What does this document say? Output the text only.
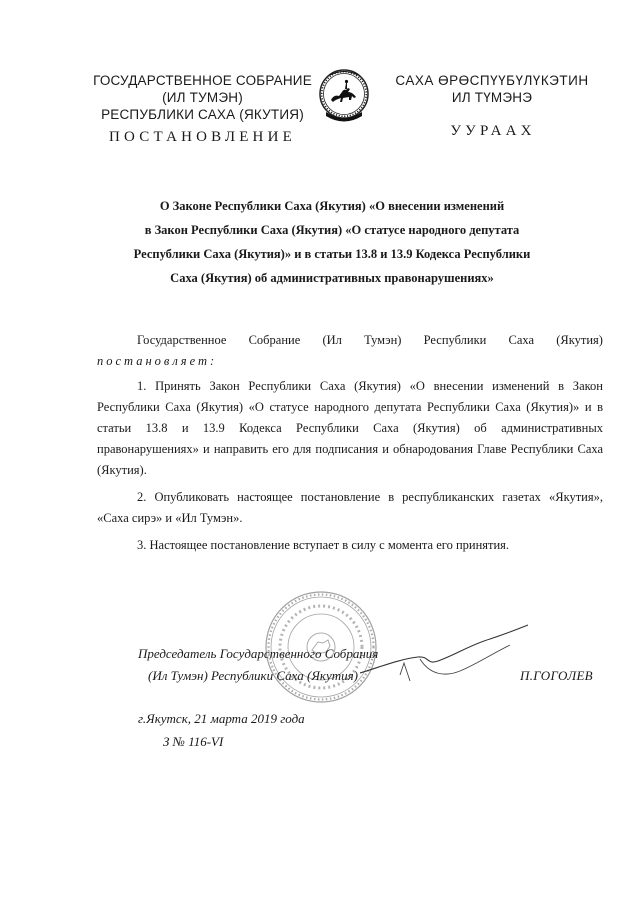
ГОСУДАРСТВЕННОЕ СОБРАНИЕ
(ИЛ ТУМЭН)
РЕСПУБЛИКИ САХА (ЯКУТИЯ)
САХА ӨРӨСПҮҮБҮЛҮКЭТИН
ИЛ ТҮМЭНЭ
ПОСТАНОВЛЕНИЕ	УУРААХ
О Законе Республики Саха (Якутия) «О внесении изменений
в Закон Республики Саха (Якутия) «О статусе народного депутата
Республики Саха (Якутия)» и в статьи 13.8 и 13.9 Кодекса Республики
Саха (Якутия) об административных правонарушениях»
Государственное Собрание (Ил Тумэн) Республики Саха (Якутия)
постановляет:

1. Принять Закон Республики Саха (Якутия) «О внесении изменений в Закон Республики Саха (Якутия) «О статусе народного депутата Республики Саха (Якутия)» и в статьи 13.8 и 13.9 Кодекса Республики Саха (Якутия) об административных правонарушениях» и направить его для подписания и обнародования Главе Республики Саха (Якутия).

2. Опубликовать настоящее постановление в республиканских газетах «Якутия», «Саха сирэ» и «Ил Тумэн».

3. Настоящее постановление вступает в силу с момента его принятия.

Председатель Государственного Собрания
(Ил Тумэн) Республики Саха (Якутия)	П.ГОГОЛЕВ
г.Якутск, 21 марта 2019 года
З № 116-VI
